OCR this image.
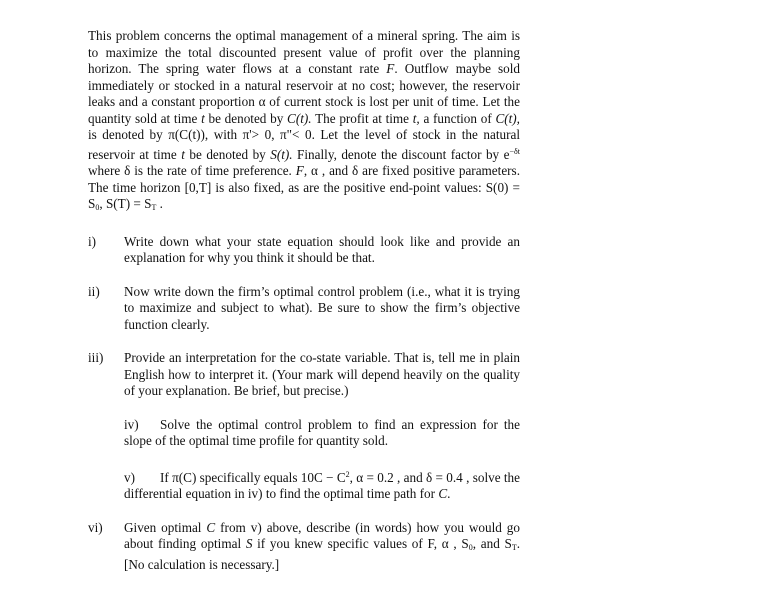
This problem concerns the optimal management of a mineral spring. The aim is to maximize the total discounted present value of profit over the planning horizon. The spring water flows at a constant rate F. Outflow maybe sold immediately or stocked in a natural reservoir at no cost; however, the reservoir leaks and a constant proportion α of current stock is lost per unit of time. Let the quantity sold at time t be denoted by C(t). The profit at time t, a function of C(t), is denoted by π(C(t)), with π'> 0, π"< 0. Let the level of stock in the natural reservoir at time t be denoted by S(t). Finally, denote the discount factor by $e^{-\delta t}$ where δ is the rate of time preference. F, α , and δ are fixed positive parameters. The time horizon [0,T] is also fixed, as are the positive end-point values: $S(0) = S_0$, $S(T) = S_T$ .

i) Write down what your state equation should look like and provide an explanation for why you think it should be that.
ii) Now write down the firm’s optimal control problem (i.e., what it is trying to maximize and subject to what). Be sure to show the firm’s objective function clearly.
iii) Provide an interpretation for the co-state variable. That is, tell me in plain English how to interpret it. (Your mark will depend heavily on the quality of your explanation. Be brief, but precise.)
iv) Solve the optimal control problem to find an expression for the slope of the optimal time profile for quantity sold.
v) If π(C) specifically equals $10C - C^2$, α = 0.2 , and δ = 0.4 , solve the differential equation in iv) to find the optimal time path for C.
vi) Given optimal C from v) above, describe (in words) how you would go about finding optimal S if you knew specific values of F, α , $S_0$, and $S_T$. [No calculation is necessary.]
